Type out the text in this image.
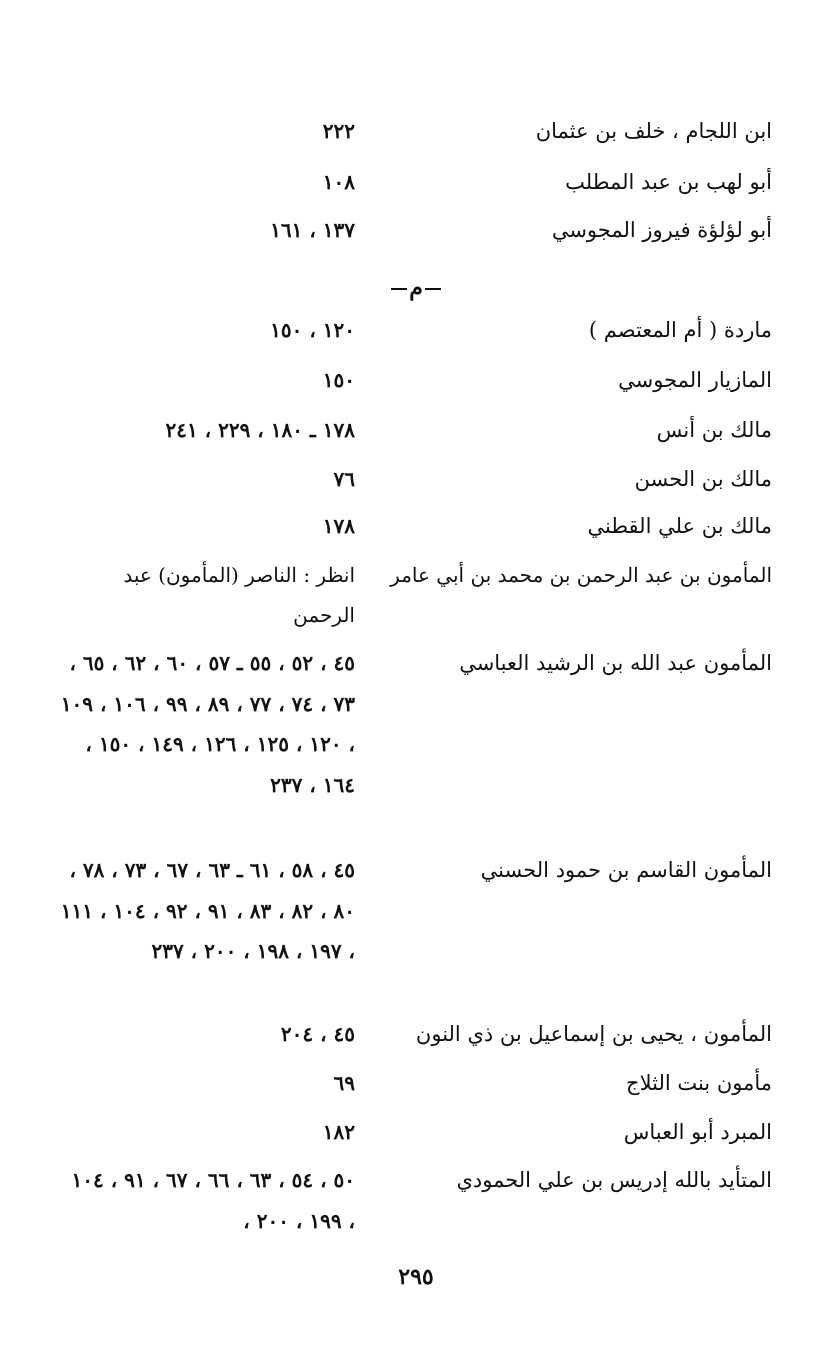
ابن اللجام ، خلف بن عثمان
٢٢٢
أبو لهب بن عبد المطلب
١٠٨
أبو لؤلؤة فيروز المجوسي
١٣٧ ، ١٦١
م
ماردة ( أم المعتصم )
١٢٠ ، ١٥٠
المازيار المجوسي
١٥٠
مالك بن أنس
١٧٨ ـ ١٨٠ ، ٢٢٩ ، ٢٤١
مالك بن الحسن
٧٦
مالك بن علي القطني
١٧٨
المأمون بن عبد الرحمن بن محمد بن أبي عامر
انظر : الناصر (المأمون) عبد الرحمن
المأمون عبد الله بن الرشيد العباسي
٤٥ ، ٥٢ ، ٥٥ ـ ٥٧ ، ٦٠ ، ٦٢ ، ٦٥ ، ٧٣ ، ٧٤ ، ٧٧ ، ٨٩ ، ٩٩ ، ١٠٦ ، ١٠٩ ، ١٢٠ ، ١٢٥ ، ١٢٦ ، ١٤٩ ، ١٥٠ ، ١٦٤ ، ٢٣٧
المأمون القاسم بن حمود الحسني
٤٥ ، ٥٨ ، ٦١ ـ ٦٣ ، ٦٧ ، ٧٣ ، ٧٨ ، ٨٠ ، ٨٢ ، ٨٣ ، ٩١ ، ٩٢ ، ١٠٤ ، ١١١ ، ١٩٧ ، ١٩٨ ، ٢٠٠ ، ٢٣٧
المأمون ، يحيى بن إسماعيل بن ذي النون
٤٥ ، ٢٠٤
مأمون بنت الثلاج
٦٩
المبرد أبو العباس
١٨٢
المتأيد بالله إدريس بن علي الحمودي
٥٠ ، ٥٤ ، ٦٣ ، ٦٦ ، ٦٧ ، ٩١ ، ١٠٤ ، ١٩٩ ، ٢٠٠ ،
٢٩٥
